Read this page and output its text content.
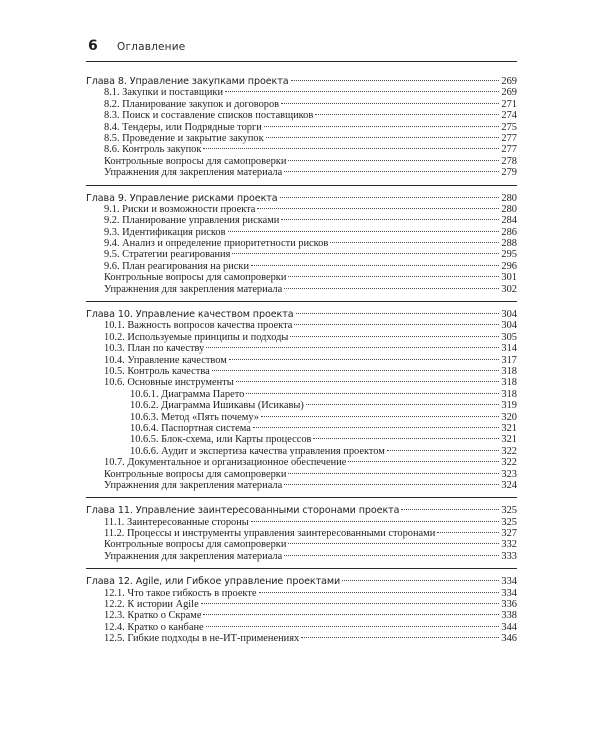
6 Оглавление
Глава 8. Управление закупками проекта	269
8.1. Закупки и поставщики	269
8.2. Планирование закупок и договоров	271
8.3. Поиск и составление списков поставщиков	274
8.4. Тендеры, или Подрядные торги	275
8.5. Проведение и закрытие закупок	277
8.6. Контроль закупок	277
Контрольные вопросы для самопроверки	278
Упражнения для закрепления материала	279
Глава 9. Управление рисками проекта	280
9.1. Риски и возможности проекта	280
9.2. Планирование управления рисками	284
9.3. Идентификация рисков	286
9.4. Анализ и определение приоритетности рисков	288
9.5. Стратегии реагирования	295
9.6. План реагирования на риски	296
Контрольные вопросы для самопроверки	301
Упражнения для закрепления материала	302
Глава 10. Управление качеством проекта	304
10.1. Важность вопросов качества проекта	304
10.2. Используемые принципы и подходы	305
10.3. План по качеству	314
10.4. Управление качеством	317
10.5. Контроль качества	318
10.6. Основные инструменты	318
10.6.1. Диаграмма Парето	318
10.6.2. Диаграмма Ишикавы (Исикавы)	319
10.6.3. Метод «Пять почему»	320
10.6.4. Паспортная система	321
10.6.5. Блок-схема, или Карты процессов	321
10.6.6. Аудит и экспертиза качества управления проектом	322
10.7. Документальное и организационное обеспечение	322
Контрольные вопросы для самопроверки	323
Упражнения для закрепления материала	324
Глава 11. Управление заинтересованными сторонами проекта	325
11.1. Заинтересованные стороны	325
11.2. Процессы и инструменты управления заинтересованными сторонами	327
Контрольные вопросы для самопроверки	332
Упражнения для закрепления материала	333
Глава 12. Agile, или Гибкое управление проектами	334
12.1. Что такое гибкость в проекте	334
12.2. К истории Agile	336
12.3. Кратко о Скраме	338
12.4. Кратко о канбане	344
12.5. Гибкие подходы в не-ИТ-применениях	346
